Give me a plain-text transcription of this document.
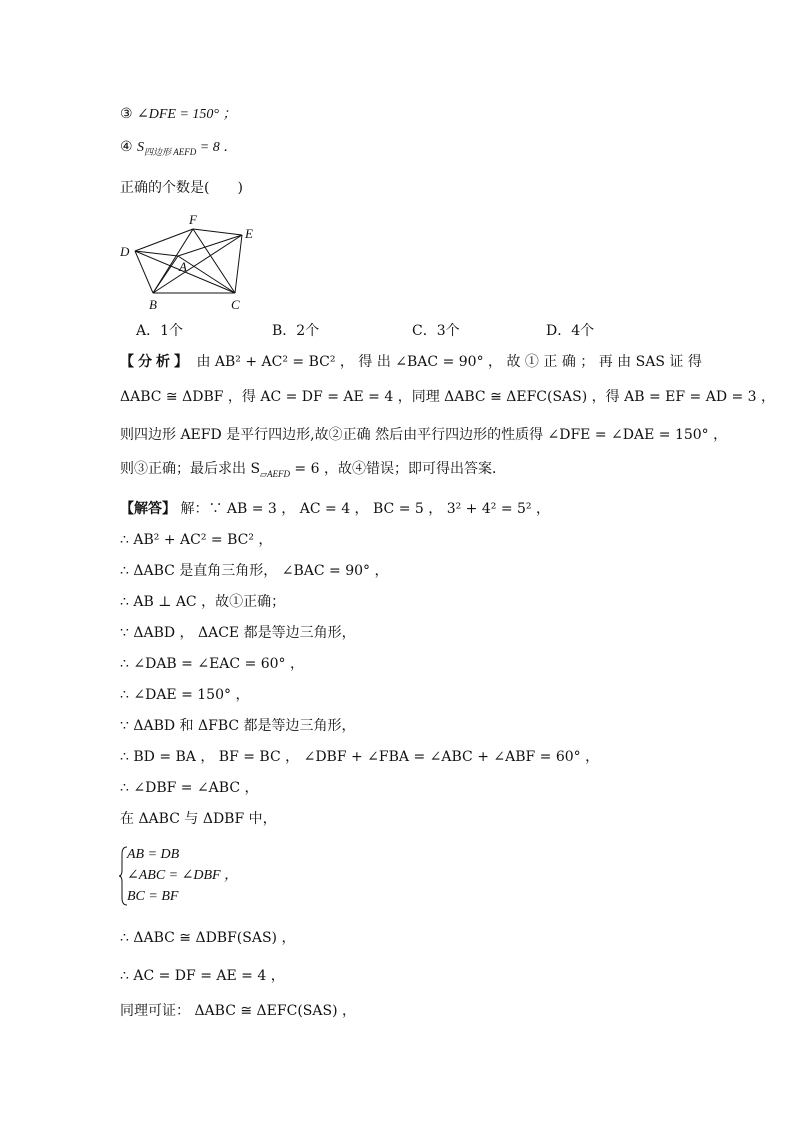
③ ∠DFE = 150° ；
④ $S_{四边形 AEFD} = 8$ ．
正确的个数是(　　)
F
E
D
A
B	C
A．1个	B．2个	C．3个	D．4个
【分析】 由 AB² + AC² = BC² ， 得 出 ∠BAC = 90° ， 故 ① 正 确 ； 再 由 SAS 证 得
ΔABC ≅ ΔDBF ，得 AC = DF = AE = 4 ，同理 ΔABC ≅ ΔEFC(SAS) ，得 AB = EF = AD = 3 ，
则四边形 AEFD 是平行四边形,故②正确 然后由平行四边形的性质得 ∠DFE = ∠DAE = 150° ，
则③正确；最后求出 $S_{▱AEFD} = 6$ ，故④错误；即可得出答案．
【解答】 解：∵ AB = 3 ， AC = 4 ， BC = 5 ， 3² + 4² = 5² ，
∴ AB² + AC² = BC² ，
∴ ΔABC 是直角三角形， ∠BAC = 90° ，
∴ AB ⊥ AC ，故①正确；
∵ ΔABD ， ΔACE 都是等边三角形，
∴ ∠DAB = ∠EAC = 60° ，
∴ ∠DAE = 150° ，
∵ ΔABD 和 ΔFBC 都是等边三角形，
∴ BD = BA ， BF = BC ， ∠DBF + ∠FBA = ∠ABC + ∠ABF = 60° ，
∴ ∠DBF = ∠ABC ，
在 ΔABC 与 ΔDBF 中，
AB = DB
∠ABC = ∠DBF ，
BC = BF
∴ ΔABC ≅ ΔDBF(SAS) ，
∴ AC = DF = AE = 4 ，
同理可证： ΔABC ≅ ΔEFC(SAS) ，
